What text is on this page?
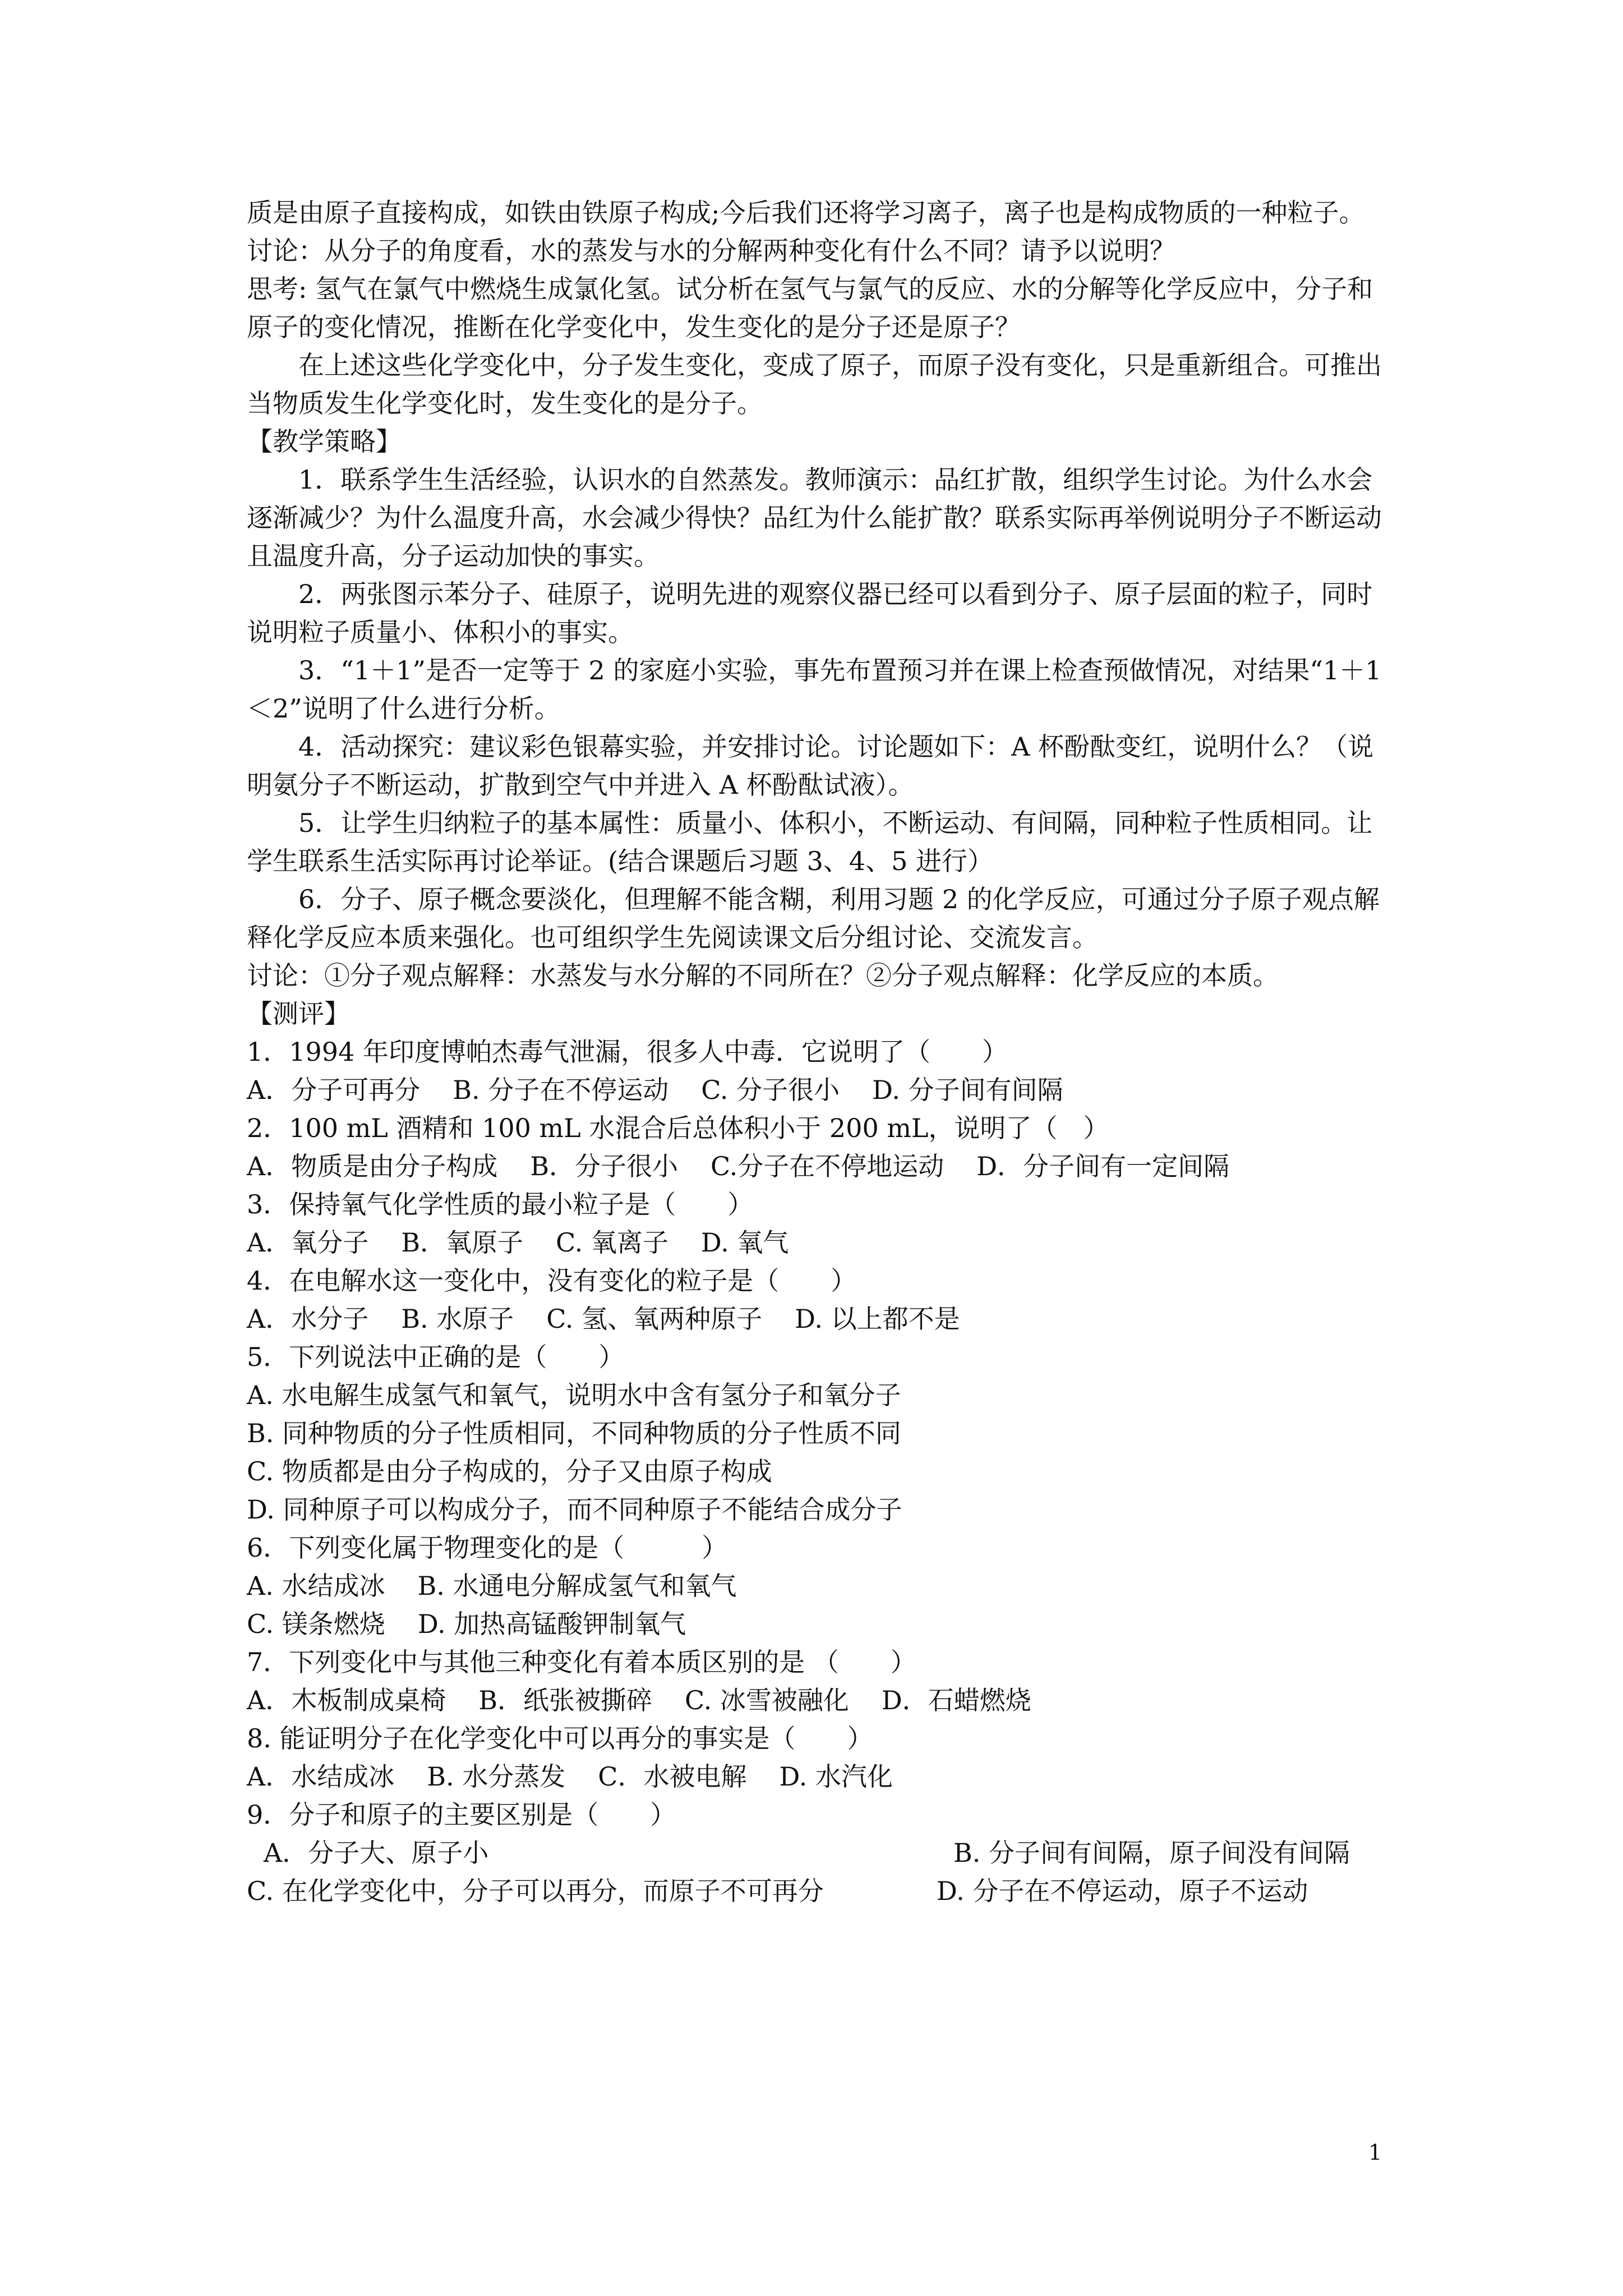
质是由原子直接构成，如铁由铁原子构成;今后我们还将学习离子，离子也是构成物质的一种粒子。

讨论：从分子的角度看，水的蒸发与水的分解两种变化有什么不同？请予以说明？

思考: 氢气在氯气中燃烧生成氯化氢。试分析在氢气与氯气的反应、水的分解等化学反应中，分子和原子的变化情况，推断在化学变化中，发生变化的是分子还是原子？

在上述这些化学变化中，分子发生变化，变成了原子，而原子没有变化，只是重新组合。可推出当物质发生化学变化时，发生变化的是分子。

【教学策略】

1．联系学生生活经验，认识水的自然蒸发。教师演示：品红扩散，组织学生讨论。为什么水会逐渐减少？为什么温度升高，水会减少得快？品红为什么能扩散？联系实际再举例说明分子不断运动且温度升高，分子运动加快的事实。

2．两张图示苯分子、硅原子，说明先进的观察仪器已经可以看到分子、原子层面的粒子，同时说明粒子质量小、体积小的事实。

3．“1＋1”是否一定等于 2 的家庭小实验，事先布置预习并在课上检查预做情况，对结果“1＋1＜2”说明了什么进行分析。

4．活动探究：建议彩色银幕实验，并安排讨论。讨论题如下：A 杯酚酞变红，说明什么？（说明氨分子不断运动，扩散到空气中并进入 A 杯酚酞试液）。

5．让学生归纳粒子的基本属性：质量小、体积小，不断运动、有间隔，同种粒子性质相同。让学生联系生活实际再讨论举证。(结合课题后习题 3、4、5 进行）

6．分子、原子概念要淡化，但理解不能含糊，利用习题 2 的化学反应，可通过分子原子观点解释化学反应本质来强化。也可组织学生先阅读课文后分组讨论、交流发言。

讨论：①分子观点解释：水蒸发与水分解的不同所在？②分子观点解释：化学反应的本质。

【测评】

1．1994 年印度博帕杰毒气泄漏，很多人中毒．它说明了（　　）

A．分子可再分 B. 分子在不停运动 C. 分子很小 D. 分子间有间隔

2．100 mL 酒精和 100 mL 水混合后总体积小于 200 mL，说明了（　）

A．物质是由分子构成 B．分子很小 C.分子在不停地运动 D．分子间有一定间隔

3．保持氧气化学性质的最小粒子是（　　）

A．氧分子 B．氧原子 C. 氧离子 D. 氧气

4．在电解水这一变化中，没有变化的粒子是（　　）

A．水分子 B. 水原子 C. 氢、氧两种原子 D. 以上都不是

5．下列说法中正确的是（　　）

A. 水电解生成氢气和氧气，说明水中含有氢分子和氧分子

B. 同种物质的分子性质相同，不同种物质的分子性质不同

C. 物质都是由分子构成的，分子又由原子构成

D. 同种原子可以构成分子，而不同种原子不能结合成分子

6．下列变化属于物理变化的是（　　　）

A. 水结成冰 B. 水通电分解成氢气和氧气

C. 镁条燃烧 D. 加热高锰酸钾制氧气

7．下列变化中与其他三种变化有着本质区别的是 （　　）

A．木板制成桌椅 B．纸张被撕碎 C. 冰雪被融化 D．石蜡燃烧

8. 能证明分子在化学变化中可以再分的事实是（　　）

A．水结成冰 B. 水分蒸发 C．水被电解 D. 水汽化

9．分子和原子的主要区别是（　　）

A．分子大、原子小	B. 分子间有间隔，原子间没有间隔
C. 在化学变化中，分子可以再分，而原子不可再分	D. 分子在不停运动，原子不运动
1
